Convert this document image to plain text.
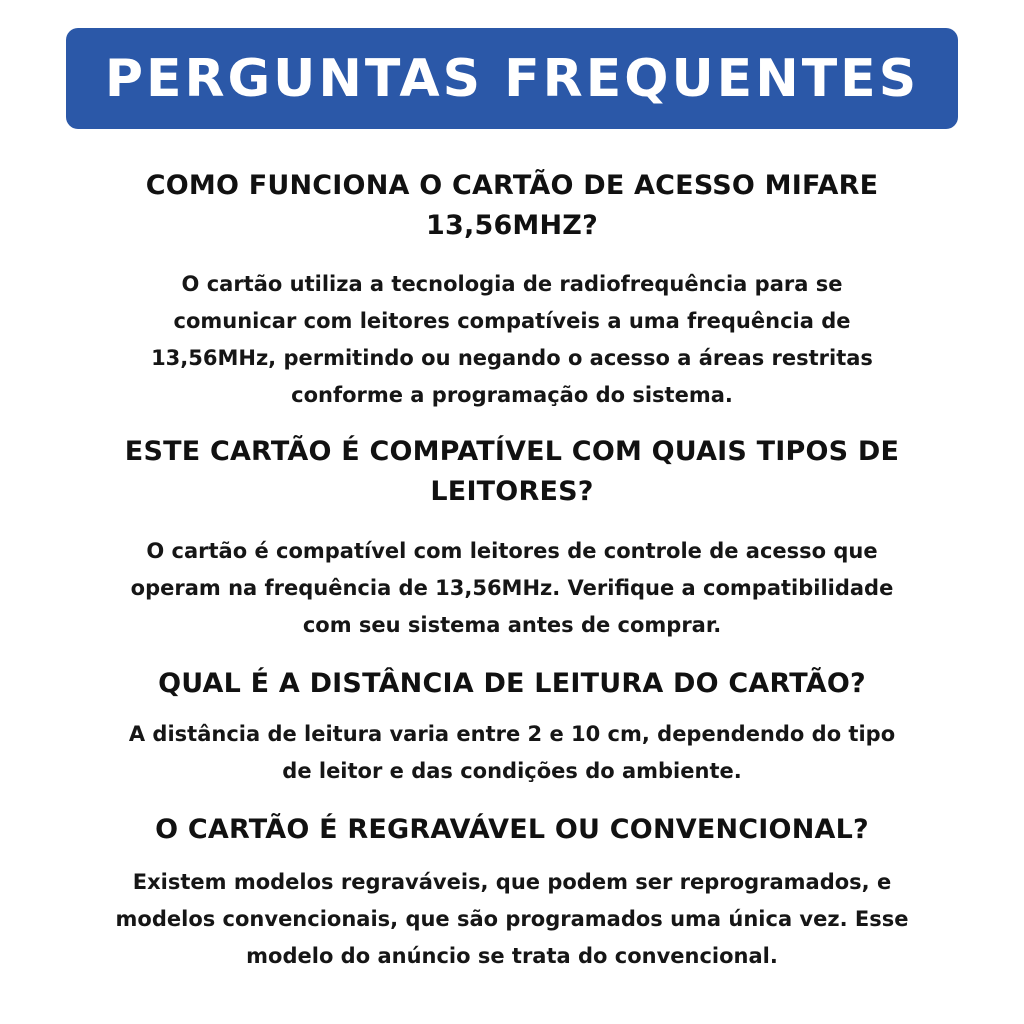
PERGUNTAS FREQUENTES
COMO FUNCIONA O CARTÃO DE ACESSO MIFARE
13,56MHZ?
O cartão utiliza a tecnologia de radiofrequência para se
comunicar com leitores compatíveis a uma frequência de
13,56MHz, permitindo ou negando o acesso a áreas restritas
conforme a programação do sistema.
ESTE CARTÃO É COMPATÍVEL COM QUAIS TIPOS DE
LEITORES?
O cartão é compatível com leitores de controle de acesso que
operam na frequência de 13,56MHz. Verifique a compatibilidade
com seu sistema antes de comprar.
QUAL É A DISTÂNCIA DE LEITURA DO CARTÃO?
A distância de leitura varia entre 2 e 10 cm, dependendo do tipo
de leitor e das condições do ambiente.
O CARTÃO É REGRAVÁVEL OU CONVENCIONAL?
Existem modelos regraváveis, que podem ser reprogramados, e
modelos convencionais, que são programados uma única vez. Esse
modelo do anúncio se trata do convencional.
